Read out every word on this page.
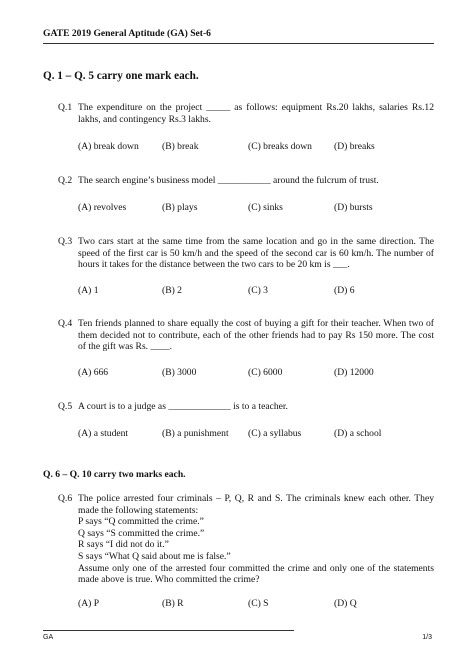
GATE 2019 General Aptitude (GA) Set-6
Q. 1 – Q. 5 carry one mark each.
Q.1 The expenditure on the project _____ as follows: equipment Rs.20 lakhs, salaries Rs.12 lakhs, and contingency Rs.3 lakhs.
(A) break down (B) break	(C) breaks down (D) breaks
Q.2 The search engine’s business model ___________ around the fulcrum of trust.
(A) revolves	(B) plays	(C) sinks	(D) bursts
Q.3 Two cars start at the same time from the same location and go in the same direction. The speed of the first car is 50 km/h and the speed of the second car is 60 km/h. The number of hours it takes for the distance between the two cars to be 20 km is ___.
(A) 1	(B) 2	(C) 3	(D) 6
Q.4 Ten friends planned to share equally the cost of buying a gift for their teacher. When two of them decided not to contribute, each of the other friends had to pay Rs 150 more. The cost of the gift was Rs. ____.
(A) 666	(B) 3000	(C) 6000	(D) 12000
Q.5 A court is to a judge as _____________ is to a teacher.
(A) a student	(B) a punishment (C) a syllabus	(D) a school
Q. 6 – Q. 10 carry two marks each.
Q.6 The police arrested four criminals – P, Q, R and S. The criminals knew each other. They made the following statements:
P says “Q committed the crime.”
Q says “S committed the crime.”
R says “I did not do it.”
S says “What Q said about me is false.”
Assume only one of the arrested four committed the crime and only one of the statements made above is true. Who committed the crime?
(A) P	(B) R	(C) S	(D) Q
GA	1/3
